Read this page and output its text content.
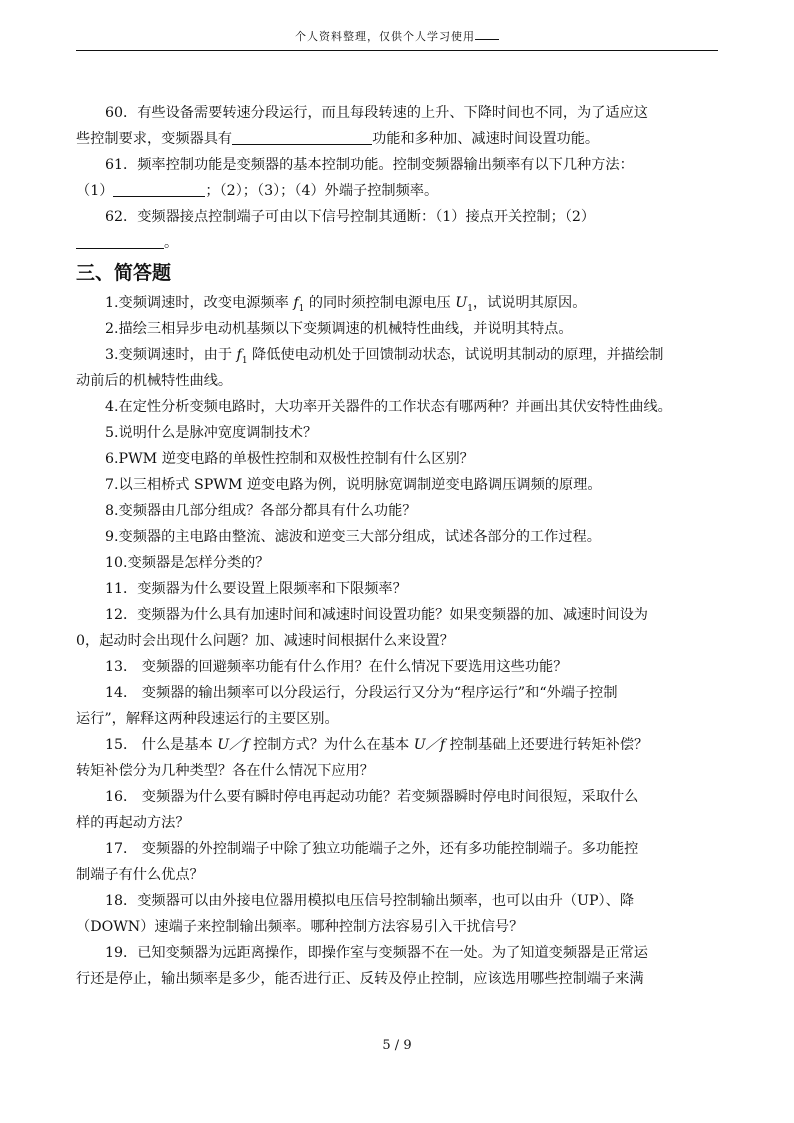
个人资料整理，仅供个人学习使用
60．有些设备需要转速分段运行，而且每段转速的上升、下降时间也不同，为了适应这
些控制要求，变频器具有	功能和多种加、减速时间设置功能。
61．频率控制功能是变频器的基本控制功能。控制变频器输出频率有以下几种方法：
（1）	；（2）；（3）；（4）外端子控制频率。
62．变频器接点控制端子可由以下信号控制其通断：（1）接点开关控制；（2）
。
三、简答题
1.变频调速时，改变电源频率 $f_1$ 的同时须控制电源电压 $U_1$，试说明其原因。
2.描绘三相异步电动机基频以下变频调速的机械特性曲线，并说明其特点。
3.变频调速时，由于 $f_1$ 降低使电动机处于回馈制动状态，试说明其制动的原理，并描绘制
动前后的机械特性曲线。
4.在定性分析变频电路时，大功率开关器件的工作状态有哪两种？并画出其伏安特性曲线。
5.说明什么是脉冲宽度调制技术？
6.PWM 逆变电路的单极性控制和双极性控制有什么区别？
7.以三相桥式 SPWM 逆变电路为例，说明脉宽调制逆变电路调压调频的原理。
8.变频器由几部分组成？各部分都具有什么功能？
9.变频器的主电路由整流、滤波和逆变三大部分组成，试述各部分的工作过程。
10.变频器是怎样分类的？
11．变频器为什么要设置上限频率和下限频率？
12．变频器为什么具有加速时间和减速时间设置功能？如果变频器的加、减速时间设为
0，起动时会出现什么问题？加、减速时间根据什么来设置？
13． 变频器的回避频率功能有什么作用？在什么情况下要选用这些功能？
14． 变频器的输出频率可以分段运行，分段运行又分为“程序运行”和“外端子控制
运行”，解释这两种段速运行的主要区别。
15． 什么是基本 U／f 控制方式？为什么在基本 U／f 控制基础上还要进行转矩补偿？
转矩补偿分为几种类型？各在什么情况下应用？
16． 变频器为什么要有瞬时停电再起动功能？若变频器瞬时停电时间很短，采取什么
样的再起动方法？
17． 变频器的外控制端子中除了独立功能端子之外，还有多功能控制端子。多功能控
制端子有什么优点？
18．变频器可以由外接电位器用模拟电压信号控制输出频率，也可以由升（UP）、降
（DOWN）速端子来控制输出频率。哪种控制方法容易引入干扰信号？
19．已知变频器为远距离操作，即操作室与变频器不在一处。为了知道变频器是正常运
行还是停止，输出频率是多少，能否进行正、反转及停止控制，应该选用哪些控制端子来满
5 / 9
